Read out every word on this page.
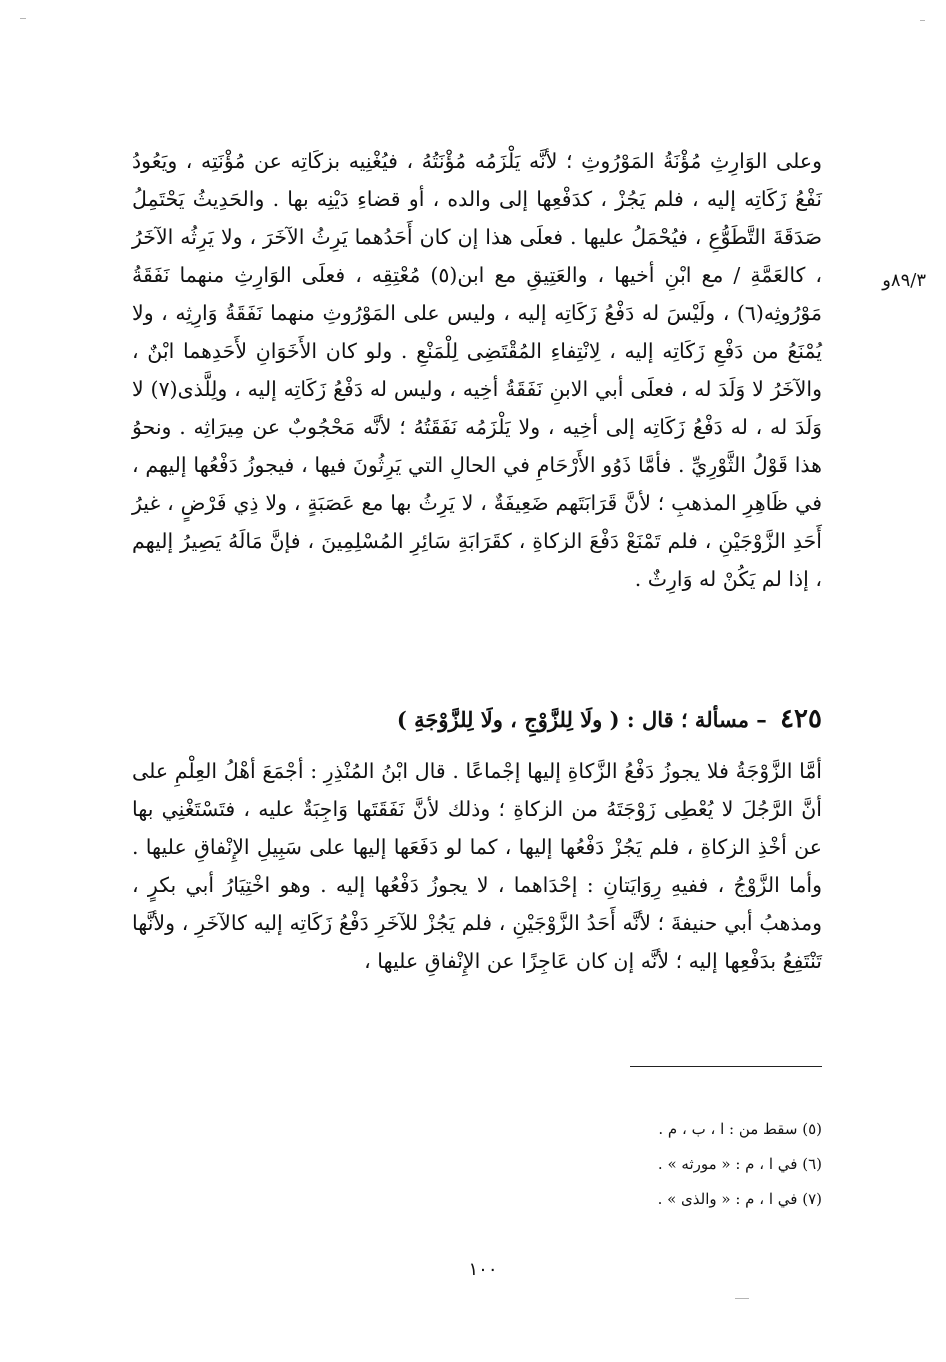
٨٩/٣و

وعلى الوَارِثِ مُؤْنَةُ المَوْرُوثِ ؛ لأنَّه يَلْزَمُه مُؤْنَتُهُ ، فيُغْنِيه بزكَاتِه عن مُؤْنَتِه ، ويَعُودُ نَفْعُ زَكَاتِه إليه ، فلم يَجُزْ ، كدَفْعِها إلى والده ، أو قضاءِ دَيْنِه بها . والحَدِيثُ يَحْتَمِلُ صَدَقَةَ التَّطَوُّعِ ، فيُحْمَلُ عليها . فعلَى هذا إن كان أَحَدُهما يَرِثُ الآخَرَ ، ولا يَرِثُه الآخَرُ ، كالعَمَّةِ / مع ابْنِ أخيها ، والعَتِيقِ مع ابن(٥) مُعْتِقِه ، فعلَى الوَارِثِ منهما نَفَقَةُ مَوْرُوثِه(٦) ، ولَيْسَ له دَفْعُ زَكَاتِه إليه ، وليس على المَوْرُوثِ منهما نَفَقَةُ وَارِثِه ، ولا يُمْنَعُ من دَفْعِ زَكَاتِه إليه ، لِانْتِفاءِ المُقْتَضِى لِلْمَنْعِ . ولو كان الأَخَوَانِ لأَحَدِهما ابْنٌ ، والآخَرُ لا وَلَدَ له ، فعلَى أبي الابنِ نَفَقَةُ أخِيه ، وليس له دَفْعُ زَكَاتِه إليه ، ولِلَّذى(٧) لا وَلَدَ له ، له دَفْعُ زَكَاتِه إلى أخِيه ، ولا يَلْزَمُه نَفَقَتُهُ ؛ لأنَّه مَحْجُوبٌ عن مِيرَاثِه . ونحوُ هذا قَوْلُ الثَّوْرِيِّ . فأمَّا ذَوُو الأَرْحَامِ في الحالِ التي يَرِثُونَ فيها ، فيجوزُ دَفْعُها إليهم ، في ظَاهِرِ المذهبِ ؛ لأنَّ قَرَابَتَهم ضَعِيفَةٌ ، لا يَرِثُ بها مع عَصَبَةٍ ، ولا ذِي فَرْضٍ ، غيرُ أَحَدِ الزَّوْجَيْنِ ، فلم تَمْنَعْ دَفْعَ الزكاةِ ، كقَرَابَةِ سَائِرِ المُسْلِمِينَ ، فإنَّ مَالَهُ يَصِيرُ إليهم ، إذا لم يَكُنْ له وَارِثٌ .

٤٢٥ – مسألة ؛ قال : ( ولَا لِلزَّوْجِ ، ولَا لِلزَّوْجَةِ )

أمَّا الزَّوْجَةُ فلا يجوزُ دَفْعُ الزَّكاةِ إليها إجْماعًا . قال ابْنُ المُنْذِرِ : أجْمَعَ أهْلُ العِلْمِ على أنَّ الرَّجُلَ لا يُعْطِى زَوْجَتَهُ من الزكاةِ ؛ وذلك لأنَّ نَفَقَتَها وَاجِبَةٌ عليه ، فتَسْتَغْنِي بها عن أخْذِ الزكاةِ ، فلم يَجُزْ دَفْعُها إليها ، كما لو دَفَعَها إليها على سَبِيلِ الإِنْفاقِ عليها . وأما الزَّوْجُ ، ففيهِ رِوَايَتانِ : إحْدَاهما ، لا يجوزُ دَفْعُها إليه . وهو اخْتِيَارُ أبي بكرٍ ، ومذهبُ أبي حنيفةَ ؛ لأنَّه أَحَدُ الزَّوْجَيْنِ ، فلم يَجُزْ للآخَرِ دَفْعُ زَكَاتِه إليه كالآخَرِ ، ولأنَّها تَنْتَفِعُ بدَفْعِها إليه ؛ لأنَّه إن كان عَاجِزًا عن الإِنْفاقِ عليها ،

(٥) سقط من : ا ، ب ، م .
(٦) في ا ، م : « مورثه » .
(٧) في ا ، م : « والذى » .
١٠٠
